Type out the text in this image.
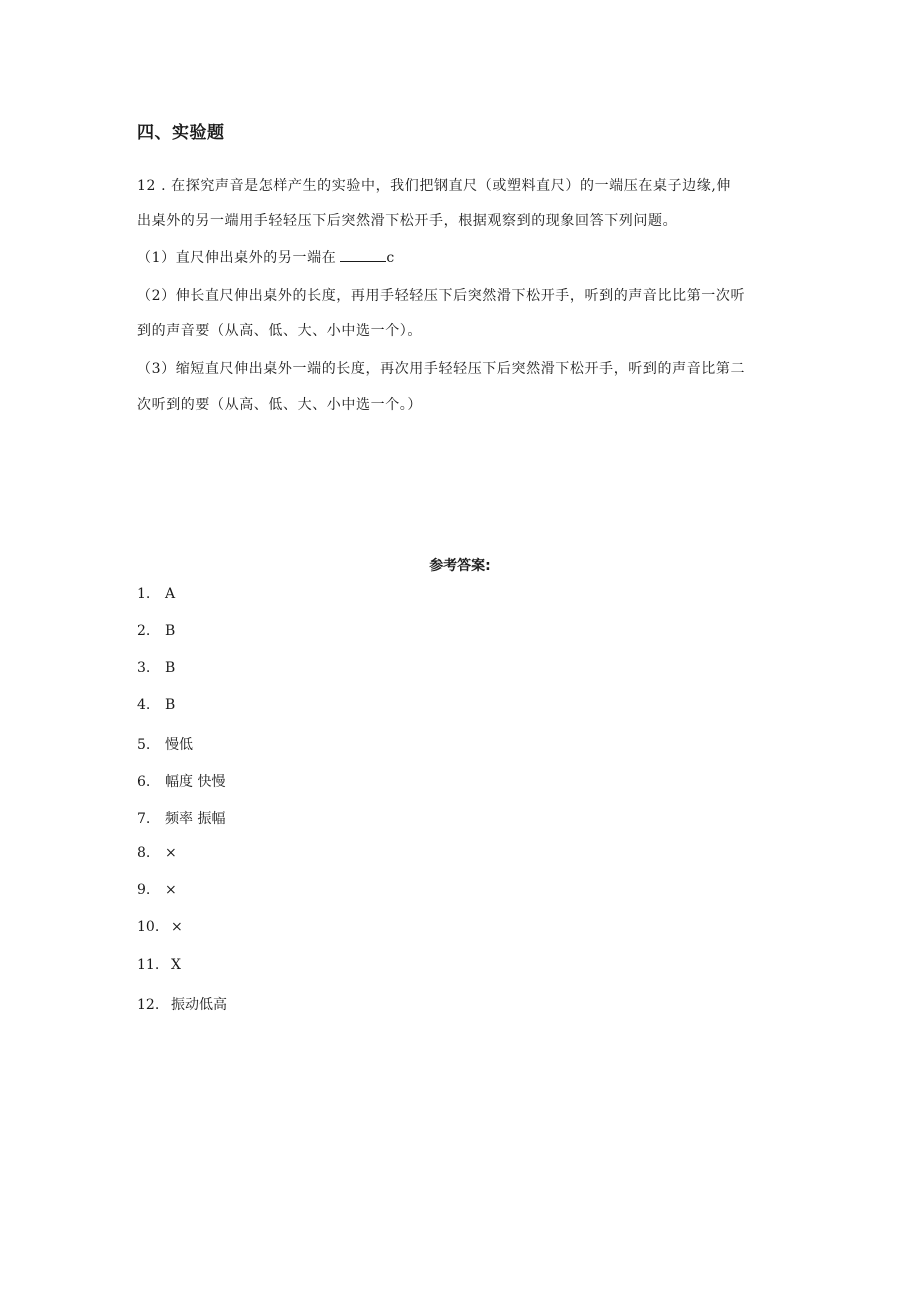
四、实验题
12 . 在探究声音是怎样产生的实验中，我们把钢直尺（或塑料直尺）的一端压在桌子边缘,伸
出桌外的另一端用手轻轻压下后突然滑下松开手，根据观察到的现象回答下列问题。
（1）直尺伸出桌外的另一端在	c
（2）伸长直尺伸出桌外的长度，再用手轻轻压下后突然滑下松开手，听到的声音比比第一次听
到的声音要（从高、低、大、小中选一个）。
（3）缩短直尺伸出桌外一端的长度，再次用手轻轻压下后突然滑下松开手，听到的声音比第二
次听到的要（从高、低、大、小中选一个。）
参考答案:
1. A
2. B
3. B
4. B
5. 慢低
6. 幅度 快慢
7. 频率 振幅
8. ×
9. ×
10. ×
11. X
12. 振动低高
